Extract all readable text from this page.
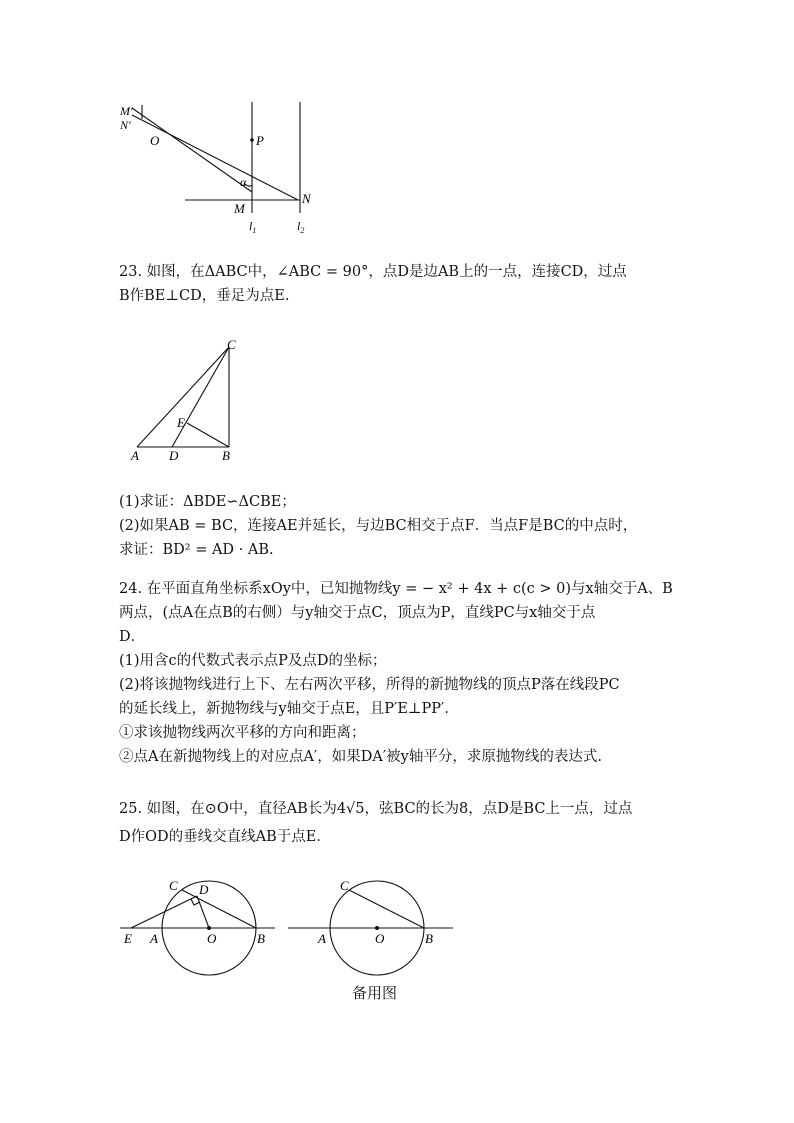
M′
N′
O	P
α
M
N
$l_1$	$l_2$
23. 如图，在ΔABC中，∠ABC = 90°，点D是边AB上的一点，连接CD，过点
B作BE⊥CD，垂足为点E.
C
E
A D	B
(1)求证：ΔBDE∽ΔCBE；
(2)如果AB = BC，连接AE并延长，与边BC相交于点F．当点F是BC的中点时，
求证：BD² = AD · AB.
24. 在平面直角坐标系xOy中，已知抛物线y = − x² + 4x + c(c > 0)与x轴交于A、B
两点，(点A在点B的右侧）与y轴交于点C，顶点为P，直线PC与x轴交于点
D．
(1)用含c的代数式表示点P及点D的坐标；
(2)将该抛物线进行上下、左右两次平移，所得的新抛物线的顶点P落在线段PC
的延长线上，新抛物线与y轴交于点E，且P′E⊥PP′.
①求该抛物线两次平移的方向和距离；
②点A在新抛物线上的对应点A′，如果DA′被y轴平分，求原抛物线的表达式.
25. 如图，在⊙O中，直径AB长为4√5，弦BC的长为8，点D是BC上一点，过点
D作OD的垂线交直线AB于点E．
C D
E A	O	B
C
A	O	B
备用图
